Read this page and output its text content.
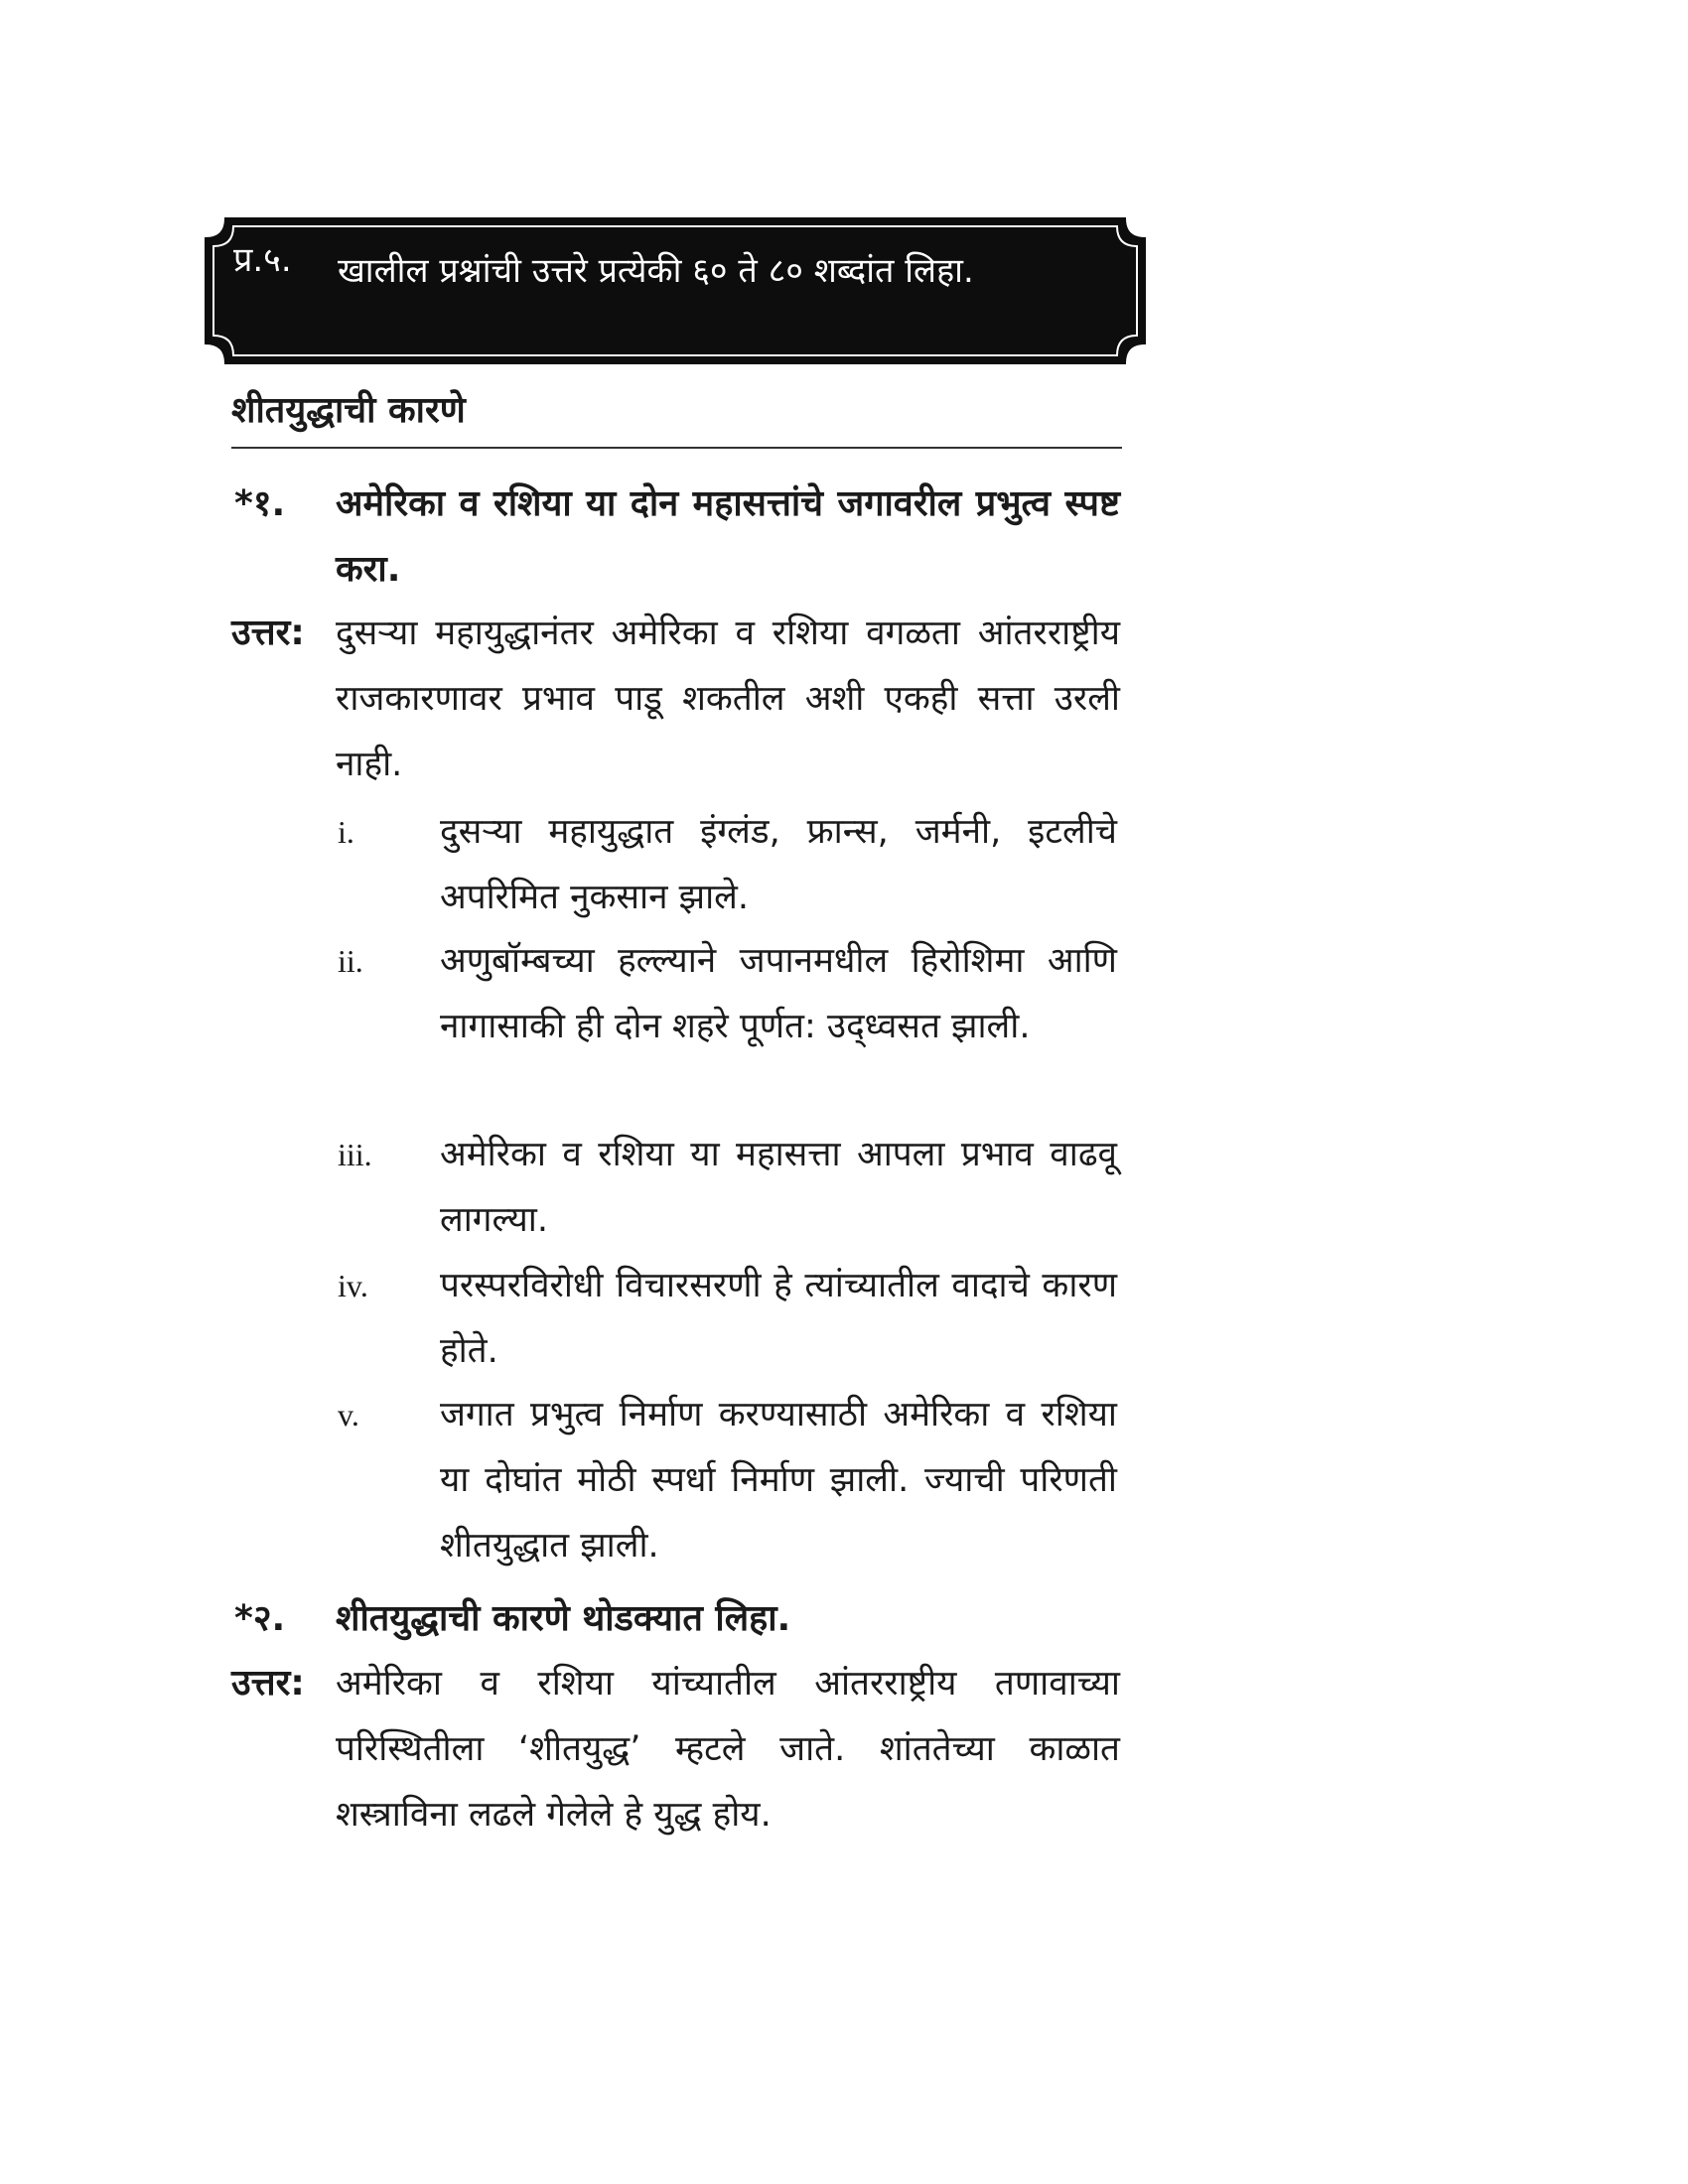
प्र.५. खालील प्रश्नांची उत्तरे प्रत्येकी ६० ते ८० शब्दांत लिहा.
शीतयुद्धाची कारणे
*१. अमेरिका व रशिया या दोन महासत्तांचे जगावरील प्रभुत्व स्पष्ट करा.
उत्तर: दुसऱ्या महायुद्धानंतर अमेरिका व रशिया वगळता आंतरराष्ट्रीय राजकारणावर प्रभाव पाडू शकतील अशी एकही सत्ता उरली नाही.
i. दुसऱ्या महायुद्धात इंग्लंड, फ्रान्स, जर्मनी, इटलीचे अपरिमित नुकसान झाले.
ii. अणुबॉम्बच्या हल्ल्याने जपानमधील हिरोशिमा आणि नागासाकी ही दोन शहरे पूर्णत: उद्ध्वसत झाली.
iii. अमेरिका व रशिया या महासत्ता आपला प्रभाव वाढवू लागल्या.
iv. परस्परविरोधी विचारसरणी हे त्यांच्यातील वादाचे कारण होते.
v. जगात प्रभुत्व निर्माण करण्यासाठी अमेरिका व रशिया या दोघांत मोठी स्पर्धा निर्माण झाली. ज्याची परिणती शीतयुद्धात झाली.
*२. शीतयुद्धाची कारणे थोडक्यात लिहा.
उत्तर: अमेरिका व रशिया यांच्यातील आंतरराष्ट्रीय तणावाच्या परिस्थितीला ‘शीतयुद्ध’ म्हटले जाते. शांततेच्या काळात शस्त्राविना लढले गेलेले हे युद्ध होय.
